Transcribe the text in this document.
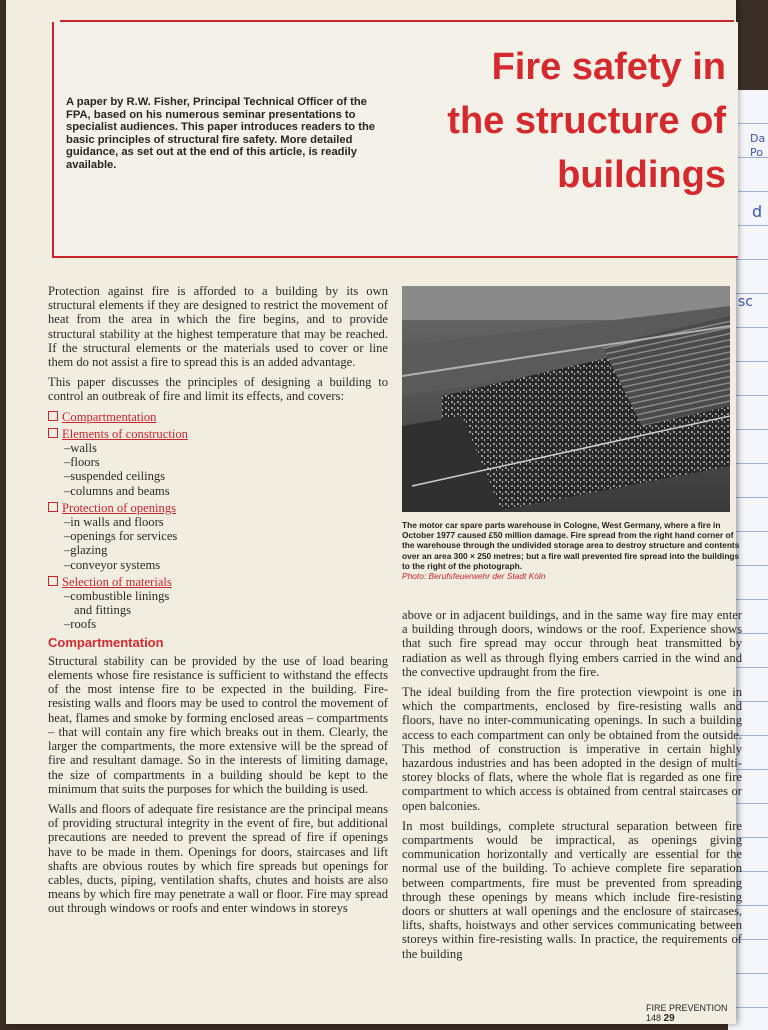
Da
Po
d
sc
A paper by R.W. Fisher, Principal Technical Officer of the FPA, based on his numerous seminar presentations to specialist audiences. This paper introduces readers to the basic principles of structural fire safety. More detailed guidance, as set out at the end of this article, is readily available.
Fire safety in
the structure of
buildings

Protection against fire is afforded to a building by its own structural elements if they are designed to restrict the movement of heat from the area in which the fire begins, and to provide structural stability at the highest temperature that may be reached. If the structural elements or the materials used to cover or line them do not assist a fire to spread this is an added advantage.

This paper discusses the principles of designing a building to control an outbreak of fire and limit its effects, and covers:

Compartmentation
Elements of construction
–walls
–floors
–suspended ceilings
–columns and beams
Protection of openings
–in walls and floors
–openings for services
–glazing
–conveyor systems
Selection of materials
–combustible linings
and fittings
–roofs
Compartmentation

Structural stability can be provided by the use of load bearing elements whose fire resistance is sufficient to withstand the effects of the most intense fire to be expected in the building. Fire-resisting walls and floors may be used to control the movement of heat, flames and smoke by forming enclosed areas – compartments – that will contain any fire which breaks out in them. Clearly, the larger the compartments, the more extensive will be the spread of fire and resultant damage. So in the interests of limiting damage, the size of compartments in a building should be kept to the minimum that suits the purposes for which the building is used.

Walls and floors of adequate fire resistance are the principal means of providing structural integrity in the event of fire, but additional precautions are needed to prevent the spread of fire if openings have to be made in them. Openings for doors, staircases and lift shafts are obvious routes by which fire spreads but openings for cables, ducts, piping, ventilation shafts, chutes and hoists are also means by which fire may penetrate a wall or floor. Fire may spread out through windows or roofs and enter windows in storeys

The motor car spare parts warehouse in Cologne, West Germany, where a fire in October 1977 caused £50 million damage. Fire spread from the right hand corner of the warehouse through the undivided storage area to destroy structure and contents over an area 300 × 250 metres; but a fire wall prevented fire spread into the buildings to the right of the photograph.
Photo: Berufsfeuerwehr der Stadt Köln

above or in adjacent buildings, and in the same way fire may enter a building through doors, windows or the roof. Experience shows that such fire spread may occur through heat transmitted by radiation as well as through flying embers carried in the wind and the convective updraught from the fire.

The ideal building from the fire protection viewpoint is one in which the compartments, enclosed by fire-resisting walls and floors, have no inter-communicating openings. In such a building access to each compartment can only be obtained from the outside. This method of construction is imperative in certain highly hazardous industries and has been adopted in the design of multi-storey blocks of flats, where the whole flat is regarded as one fire compartment to which access is obtained from central staircases or open balconies.

In most buildings, complete structural separation between fire compartments would be impractical, as openings giving communication horizontally and vertically are essential for the normal use of the building. To achieve complete fire separation between compartments, fire must be prevented from spreading through these openings by means which include fire-resisting doors or shutters at wall openings and the enclosure of staircases, lifts, shafts, hoistways and other services communicating between storeys within fire-resisting walls. In practice, the requirements of the building

FIRE PREVENTION 148 29
